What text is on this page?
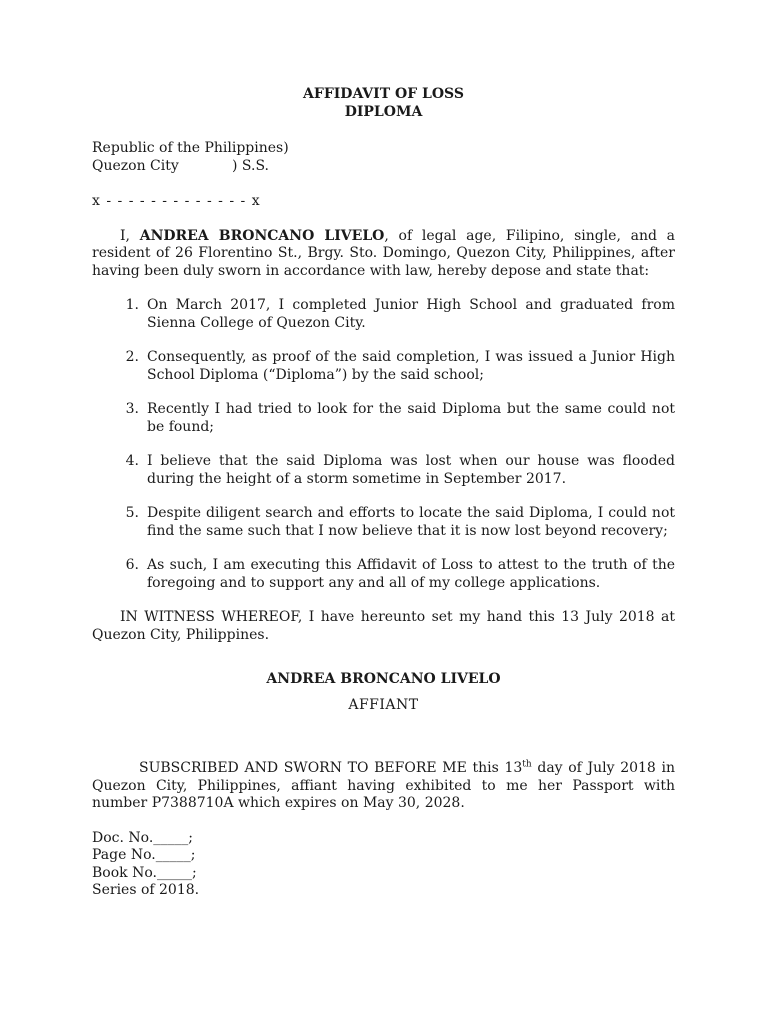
AFFIDAVIT OF LOSS

DIPLOMA

Republic of the Philippines)
Quezon City	) S.S.
x - - - - - - - - - - - - - x

I, ANDREA BRONCANO LIVELO, of legal age, Filipino, single, and a resident of 26 Florentino St., Brgy. Sto. Domingo, Quezon City, Philippines, after having been duly sworn in accordance with law, hereby depose and state that:

1. On March 2017, I completed Junior High School and graduated from Sienna College of Quezon City.
2. Consequently, as proof of the said completion, I was issued a Junior High School Diploma (“Diploma”) by the said school;
3. Recently I had tried to look for the said Diploma but the same could not be found;
4. I believe that the said Diploma was lost when our house was flooded during the height of a storm sometime in September 2017.
5. Despite diligent search and efforts to locate the said Diploma, I could not find the same such that I now believe that it is now lost beyond recovery;
6. As such, I am executing this Affidavit of Loss to attest to the truth of the foregoing and to support any and all of my college applications.

IN WITNESS WHEREOF, I have hereunto set my hand this 13 July 2018 at Quezon City, Philippines.

ANDREA BRONCANO LIVELO
AFFIANT

SUBSCRIBED AND SWORN TO BEFORE ME this 13th day of July 2018 in Quezon City, Philippines, affiant having exhibited to me her Passport with number P7388710A which expires on May 30, 2028.

Doc. No._____;
Page No._____;
Book No._____;
Series of 2018.
